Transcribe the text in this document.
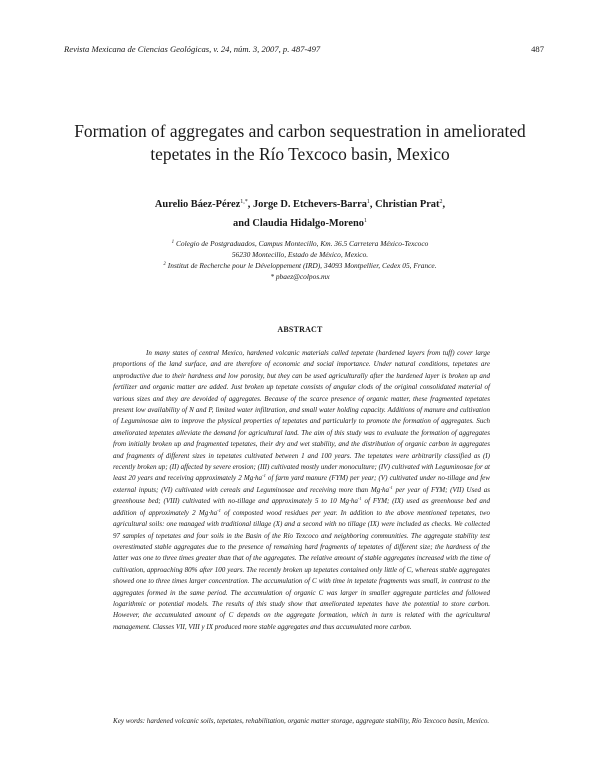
Revista Mexicana de Ciencias Geológicas, v. 24, núm. 3, 2007, p. 487-497	487
Formation of aggregates and carbon sequestration in ameliorated tepetates in the Río Texcoco basin, Mexico
Aurelio Báez-Pérez$^{1,*}$, Jorge D. Etchevers-Barra$^1$, Christian Prat$^2$,
and Claudia Hidalgo-Moreno$^1$
$^1$ Colegio de Postgraduados, Campus Montecillo, Km. 36.5 Carretera México-Texcoco
56230 Montecillo, Estado de México, Mexico.
$^2$ Institut de Recherche pour le Développement (IRD), 34093 Montpellier, Cedex 05, France.
* pbaez@colpos.mx
ABSTRACT

In many states of central Mexico, hardened volcanic materials called tepetate (hardened layers from tuff) cover large proportions of the land surface, and are therefore of economic and social importance. Under natural conditions, tepetates are unproductive due to their hardness and low porosity, but they can be used agriculturally after the hardened layer is broken up and fertilizer and organic matter are added. Just broken up tepetate consists of angular clods of the original consolidated material of various sizes and they are devoided of aggregates. Because of the scarce presence of organic matter, these fragmented tepetates present low availability of N and P, limited water infiltration, and small water holding capacity. Additions of manure and cultivation of Leguminosae aim to improve the physical properties of tepetates and particularly to promote the formation of aggregates. Such ameliorated tepetates alleviate the demand for agricultural land. The aim of this study was to evaluate the formation of aggregates from initially broken up and fragmented tepetates, their dry and wet stability, and the distribution of organic carbon in aggregates and fragments of different sizes in tepetates cultivated between 1 and 100 years. The tepetates were arbitrarily classified as (I) recently broken up; (II) affected by severe erosion; (III) cultivated mostly under monoculture; (IV) cultivated with Leguminosae for at least 20 years and receiving approximately 2 $Mg\cdot ha^{-1}$ of farm yard manure (FYM) per year; (V) cultivated under no-tillage and few external inputs; (VI) cultivated with cereals and Leguminosae and receiving more than $Mg\cdot ha^{-1}$ per year of FYM; (VII) Used as greenhouse bed; (VIII) cultivated with no-tillage and approximately 5 to 10 $Mg\cdot ha^{-1}$ of FYM; (IX) used as greenhouse bed and addition of approximately 2 $Mg\cdot ha^{-1}$ of composted wood residues per year. In addition to the above mentioned tepetates, two agricultural soils: one managed with traditional tillage (X) and a second with no tillage (IX) were included as checks. We collected 97 samples of tepetates and four soils in the Basin of the Río Texcoco and neighboring communities. The aggregate stability test overestimated stable aggregates due to the presence of remaining hard fragments of tepetates of different size; the hardness of the latter was one to three times greater than that of the aggregates. The relative amount of stable aggregates increased with the time of cultivation, approaching 80% after 100 years. The recently broken up tepetates contained only little of C, whereas stable aggregates showed one to three times larger concentration. The accumulation of C with time in tepetate fragments was small, in contrast to the aggregates formed in the same period. The accumulation of organic C was larger in smaller aggregate particles and followed logarithmic or potential models. The results of this study show that ameliorated tepetates have the potential to store carbon. However, the accumulated amount of C depends on the aggregate formation, which in turn is related with the agricultural management. Classes VII, VIII y IX produced more stable aggregates and thus accumulated more carbon.

Key words: hardened volcanic soils, tepetates, rehabilitation, organic matter storage, aggregate stability, Río Texcoco basin, Mexico.
